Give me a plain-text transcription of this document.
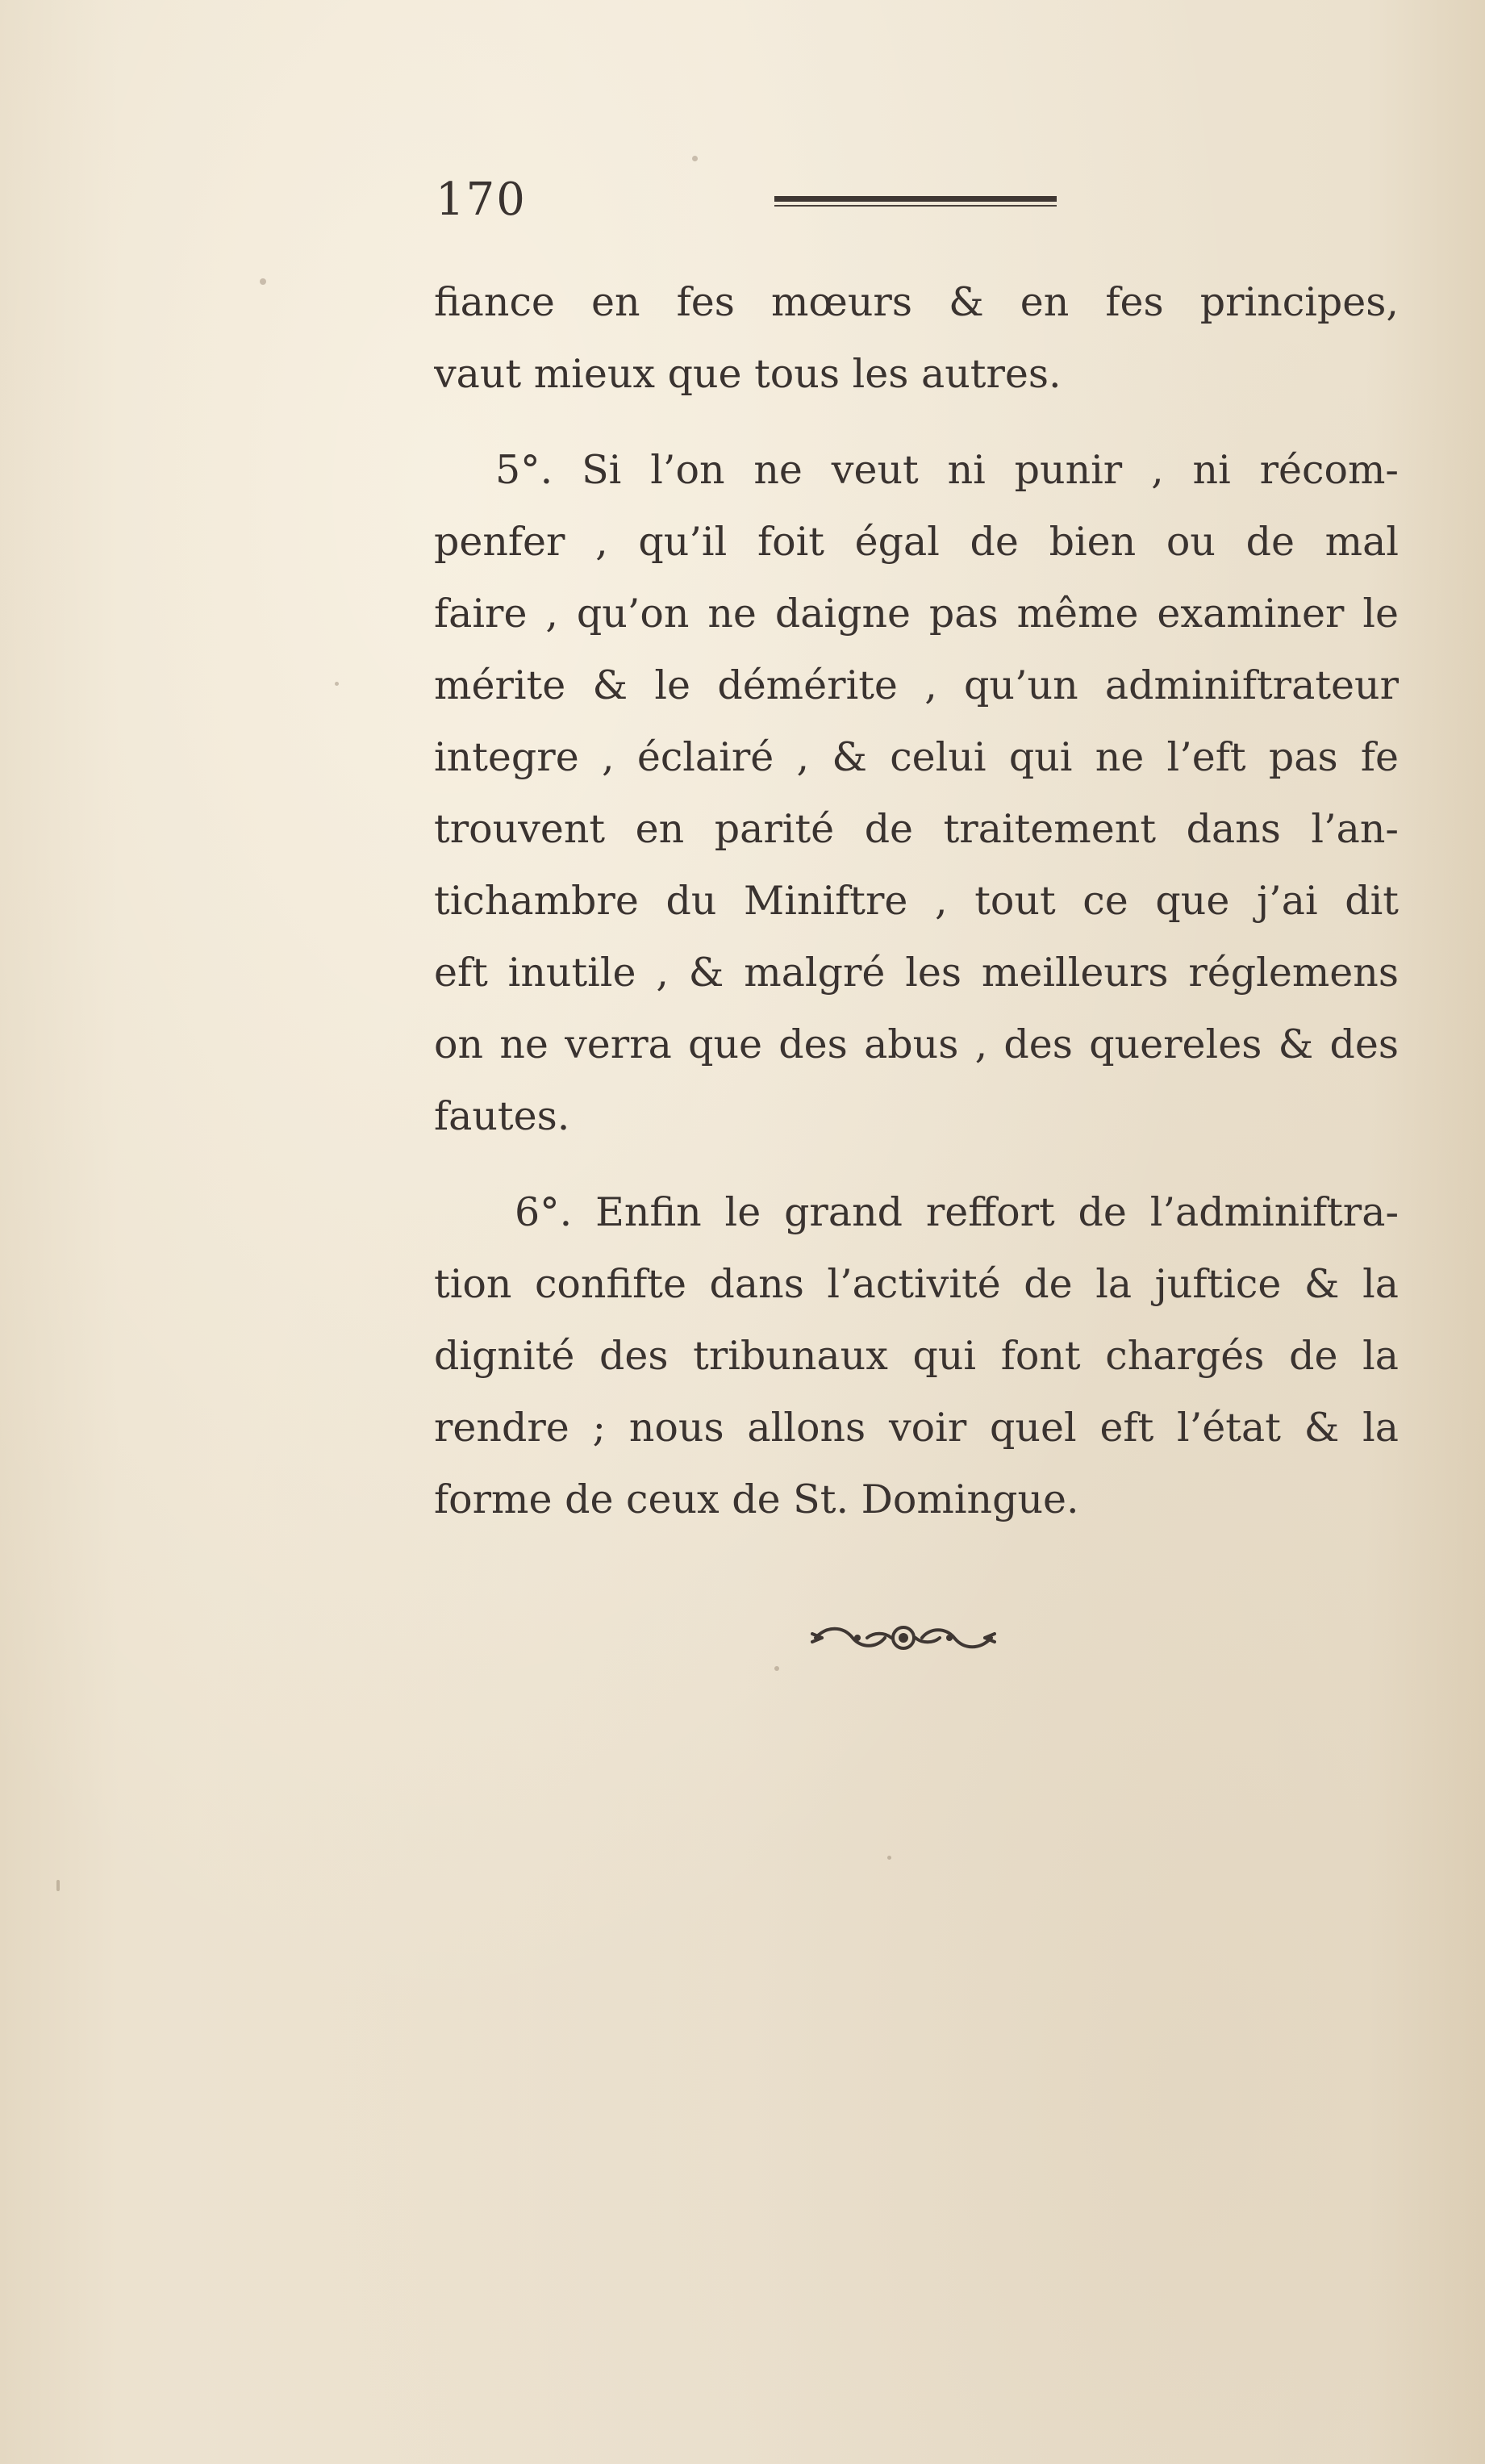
170
fiance en fes mœurs & en fes principes,
vaut mieux que tous les autres.
5°. Si l’on ne veut ni punir , ni récom-
penfer , qu’il foit égal de bien ou de mal
faire , qu’on ne daigne pas même examiner le
mérite & le démérite , qu’un adminiftrateur
integre , éclairé , & celui qui ne l’eft pas fe
trouvent en parité de traitement dans l’an-
tichambre du Miniftre , tout ce que j’ai dit
eft inutile , & malgré les meilleurs réglemens
on ne verra que des abus , des quereles & des
fautes.
6°. Enfin le grand reffort de l’adminiftra-
tion confifte dans l’activité de la juftice & la
dignité des tribunaux qui font chargés de la
rendre ; nous allons voir quel eft l’état & la
forme de ceux de St. Domingue.
